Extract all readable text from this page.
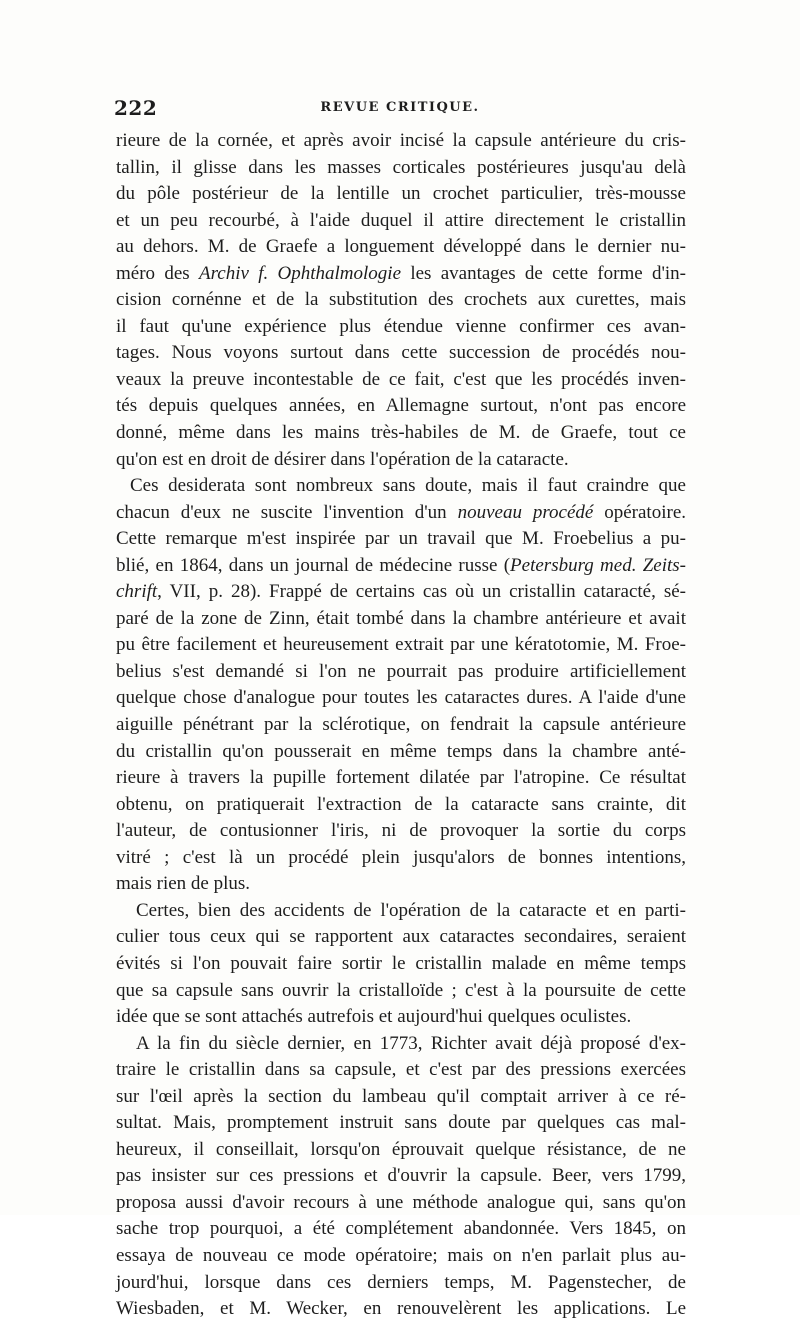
222	REVUE CRITIQUE.
rieure de la cornée, et après avoir incisé la capsule antérieure du cris-
tallin, il glisse dans les masses corticales postérieures jusqu'au delà
du pôle postérieur de la lentille un crochet particulier, très-mousse
et un peu recourbé, à l'aide duquel il attire directement le cristallin
au dehors. M. de Graefe a longuement développé dans le dernier nu-
méro des Archiv f. Ophthalmologie les avantages de cette forme d'in-
cision cornénne et de la substitution des crochets aux curettes, mais
il faut qu'une expérience plus étendue vienne confirmer ces avan-
tages. Nous voyons surtout dans cette succession de procédés nou-
veaux la preuve incontestable de ce fait, c'est que les procédés inven-
tés depuis quelques années, en Allemagne surtout, n'ont pas encore
donné, même dans les mains très-habiles de M. de Graefe, tout ce
qu'on est en droit de désirer dans l'opération de la cataracte.
Ces desiderata sont nombreux sans doute, mais il faut craindre que
chacun d'eux ne suscite l'invention d'un nouveau procédé opératoire.
Cette remarque m'est inspirée par un travail que M. Froebelius a pu-
blié, en 1864, dans un journal de médecine russe (Petersburg med. Zeits-
chrift, VII, p. 28). Frappé de certains cas où un cristallin cataracté, sé-
paré de la zone de Zinn, était tombé dans la chambre antérieure et avait
pu être facilement et heureusement extrait par une kératotomie, M. Froe-
belius s'est demandé si l'on ne pourrait pas produire artificiellement
quelque chose d'analogue pour toutes les cataractes dures. A l'aide d'une
aiguille pénétrant par la sclérotique, on fendrait la capsule antérieure
du cristallin qu'on pousserait en même temps dans la chambre anté-
rieure à travers la pupille fortement dilatée par l'atropine. Ce résultat
obtenu, on pratiquerait l'extraction de la cataracte sans crainte, dit
l'auteur, de contusionner l'iris, ni de provoquer la sortie du corps
vitré ; c'est là un procédé plein jusqu'alors de bonnes intentions,
mais rien de plus.
Certes, bien des accidents de l'opération de la cataracte et en parti-
culier tous ceux qui se rapportent aux cataractes secondaires, seraient
évités si l'on pouvait faire sortir le cristallin malade en même temps
que sa capsule sans ouvrir la cristalloïde ; c'est à la poursuite de cette
idée que se sont attachés autrefois et aujourd'hui quelques oculistes.
A la fin du siècle dernier, en 1773, Richter avait déjà proposé d'ex-
traire le cristallin dans sa capsule, et c'est par des pressions exercées
sur l'œil après la section du lambeau qu'il comptait arriver à ce ré-
sultat. Mais, promptement instruit sans doute par quelques cas mal-
heureux, il conseillait, lorsqu'on éprouvait quelque résistance, de ne
pas insister sur ces pressions et d'ouvrir la capsule. Beer, vers 1799,
proposa aussi d'avoir recours à une méthode analogue qui, sans qu'on
sache trop pourquoi, a été complétement abandonnée. Vers 1845, on
essaya de nouveau ce mode opératoire; mais on n'en parlait plus au-
jourd'hui, lorsque dans ces derniers temps, M. Pagenstecher, de
Wiesbaden, et M. Wecker, en renouvelèrent les applications. Le
